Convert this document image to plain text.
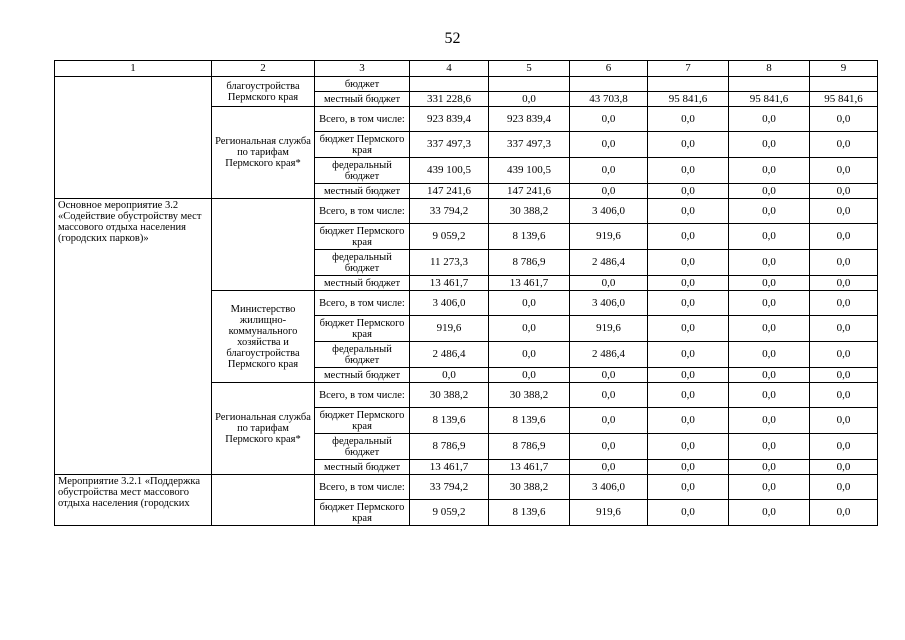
52
1	2	3	4	5	6	7	8	9
	благоустройства Пермского края	бюджет						
		местный бюджет	331 228,6	0,0	43 703,8	95 841,6	95 841,6	95 841,6
	Региональная служба по тарифам Пермского края*	Всего, в том числе:	923 839,4	923 839,4	0,0	0,0	0,0	0,0
		бюджет Пермского края	337 497,3	337 497,3	0,0	0,0	0,0	0,0
		федеральный бюджет	439 100,5	439 100,5	0,0	0,0	0,0	0,0
		местный бюджет	147 241,6	147 241,6	0,0	0,0	0,0	0,0
Основное мероприятие 3.2 «Содействие обустройству мест массового отдыха населения (городских парков)»		Всего, в том числе:	33 794,2	30 388,2	3 406,0	0,0	0,0	0,0
		бюджет Пермского края	9 059,2	8 139,6	919,6	0,0	0,0	0,0
		федеральный бюджет	11 273,3	8 786,9	2 486,4	0,0	0,0	0,0
		местный бюджет	13 461,7	13 461,7	0,0	0,0	0,0	0,0
	Министерство жилищно-коммунального хозяйства и благоустройства Пермского края	Всего, в том числе:	3 406,0	0,0	3 406,0	0,0	0,0	0,0
		бюджет Пермского края	919,6	0,0	919,6	0,0	0,0	0,0
		федеральный бюджет	2 486,4	0,0	2 486,4	0,0	0,0	0,0
		местный бюджет	0,0	0,0	0,0	0,0	0,0	0,0
	Региональная служба по тарифам Пермского края*	Всего, в том числе:	30 388,2	30 388,2	0,0	0,0	0,0	0,0
		бюджет Пермского края	8 139,6	8 139,6	0,0	0,0	0,0	0,0
		федеральный бюджет	8 786,9	8 786,9	0,0	0,0	0,0	0,0
		местный бюджет	13 461,7	13 461,7	0,0	0,0	0,0	0,0
Мероприятие 3.2.1 «Поддержка обустройства мест массового отдыха населения (городских		Всего, в том числе:	33 794,2	30 388,2	3 406,0	0,0	0,0	0,0
		бюджет Пермского края	9 059,2	8 139,6	919,6	0,0	0,0	0,0
